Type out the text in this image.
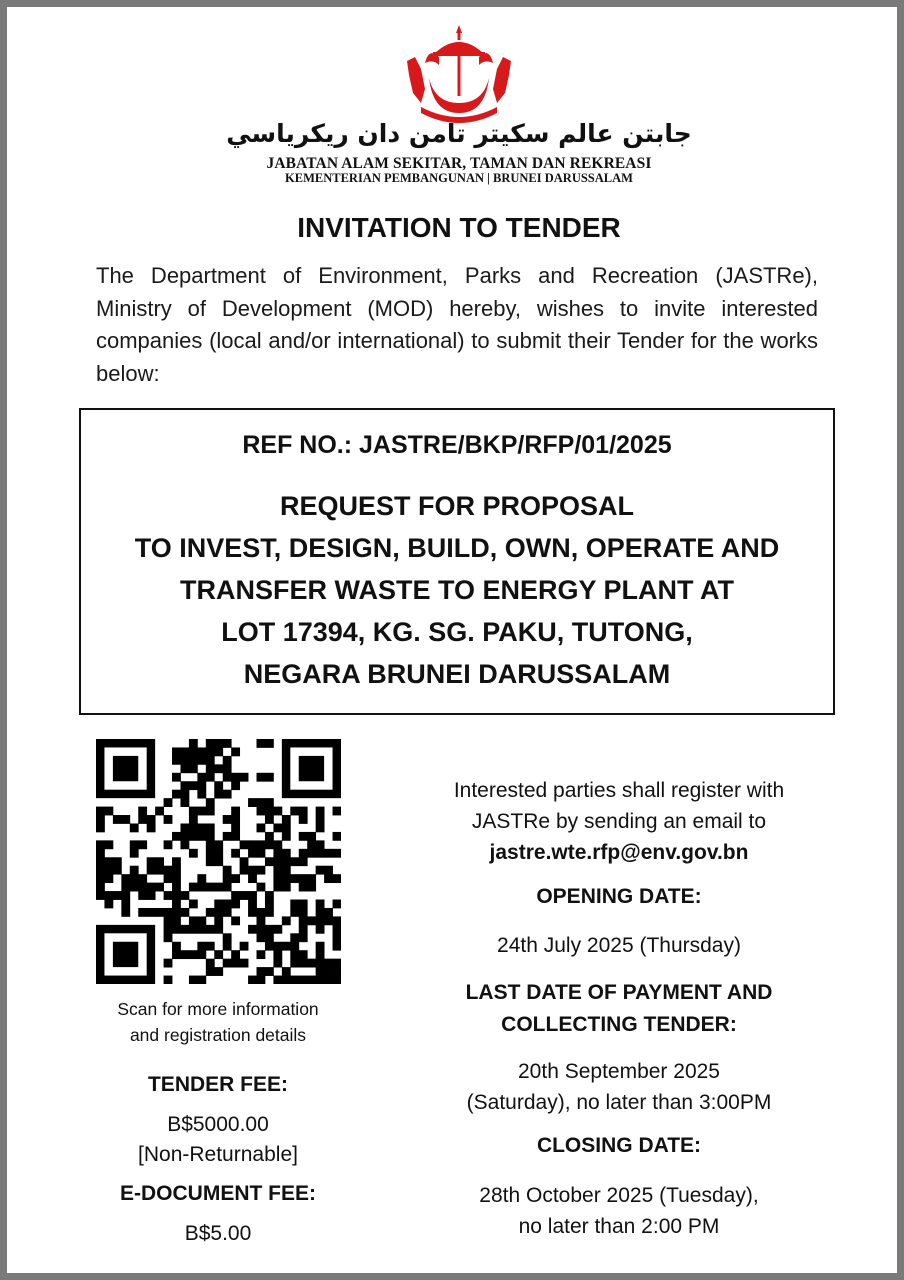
جابتن عالم سكيتر تامن دان ريكرياسي
JABATAN ALAM SEKITAR, TAMAN DAN REKREASI
KEMENTERIAN PEMBANGUNAN | BRUNEI DARUSSALAM
INVITATION TO TENDER
The Department of Environment, Parks and Recreation (JASTRe), Ministry of Development (MOD) hereby, wishes to invite interested companies (local and/or international) to submit their Tender for the works below:
REF NO.: JASTRE/BKP/RFP/01/2025
REQUEST FOR PROPOSAL
TO INVEST, DESIGN, BUILD, OWN, OPERATE AND
TRANSFER WASTE TO ENERGY PLANT AT
LOT 17394, KG. SG. PAKU, TUTONG,
NEGARA BRUNEI DARUSSALAM
Scan for more information
and registration details
TENDER FEE:
B$5000.00
[Non-Returnable]
E-DOCUMENT FEE:
B$5.00
Interested parties shall register with
JASTRe by sending an email to
jastre.wte.rfp@env.gov.bn
OPENING DATE:
24th July 2025 (Thursday)
LAST DATE OF PAYMENT AND
COLLECTING TENDER:
20th September 2025
(Saturday), no later than 3:00PM
CLOSING DATE:
28th October 2025 (Tuesday),
no later than 2:00 PM
